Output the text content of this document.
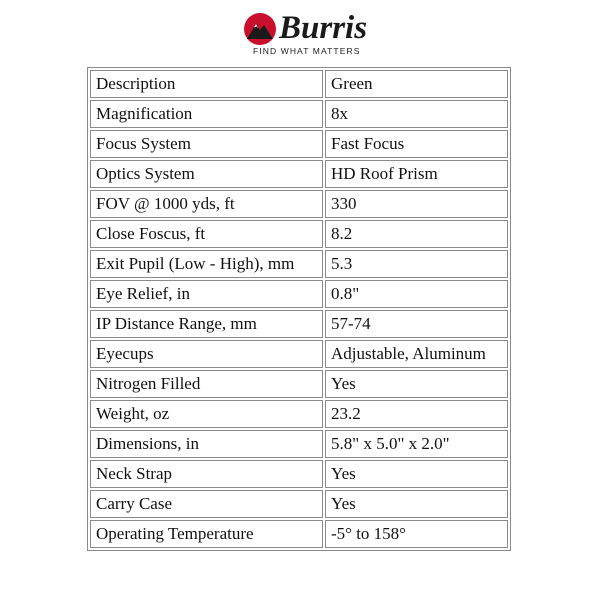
Burris
FIND WHAT MATTERS
Description	Green
Magnification	8x
Focus System	Fast Focus
Optics System	HD Roof Prism
FOV @ 1000 yds, ft	330
Close Foscus, ft	8.2
Exit Pupil (Low - High), mm	5.3
Eye Relief, in	0.8"
IP Distance Range, mm	57-74
Eyecups	Adjustable, Aluminum
Nitrogen Filled	Yes
Weight, oz	23.2
Dimensions, in	5.8" x 5.0" x 2.0"
Neck Strap	Yes
Carry Case	Yes
Operating Temperature	-5° to 158°
